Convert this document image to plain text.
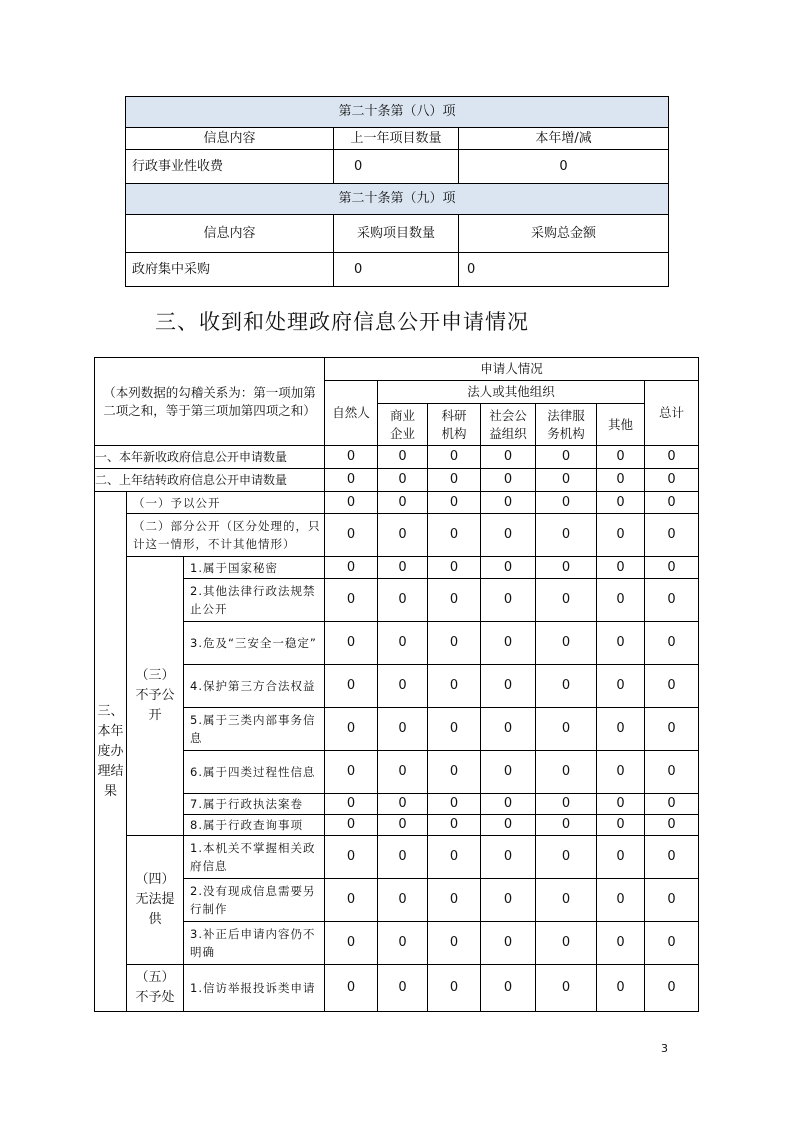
第二十条第（八）项		
信息内容	上一年项目数量	本年增/减
行政事业性收费	0	0
第二十条第（九）项		
信息内容	采购项目数量	采购总金额
政府集中采购	0	0
三、收到和处理政府信息公开申请情况
（本列数据的勾稽关系为：第一项加第二项之和，等于第三项加第四项之和）			申请人情况						
			自然人	法人或其他组织					总计
				商业企业	科研机构	社会公益组织	法律服务机构	其他	
一、本年新收政府信息公开申请数量			0	0	0	0	0	0	0
二、上年结转政府信息公开申请数量			0	0	0	0	0	0	0
三、本年度办理结果	（一）予以公开		0	0	0	0	0	0	0
	（二）部分公开（区分处理的，只计这一情形，不计其他情形）		0	0	0	0	0	0	0
	（三）不予公开	1.属于国家秘密	0	0	0	0	0	0	0
		2.其他法律行政法规禁止公开	0	0	0	0	0	0	0
		3.危及“三安全一稳定”	0	0	0	0	0	0	0
		4.保护第三方合法权益	0	0	0	0	0	0	0
		5.属于三类内部事务信息	0	0	0	0	0	0	0
		6.属于四类过程性信息	0	0	0	0	0	0	0
		7.属于行政执法案卷	0	0	0	0	0	0	0
		8.属于行政查询事项	0	0	0	0	0	0	0
	（四）无法提供	1.本机关不掌握相关政府信息	0	0	0	0	0	0	0
		2.没有现成信息需要另行制作	0	0	0	0	0	0	0
		3.补正后申请内容仍不明确	0	0	0	0	0	0	0
	（五）不予处	1.信访举报投诉类申请	0	0	0	0	0	0	0
3
